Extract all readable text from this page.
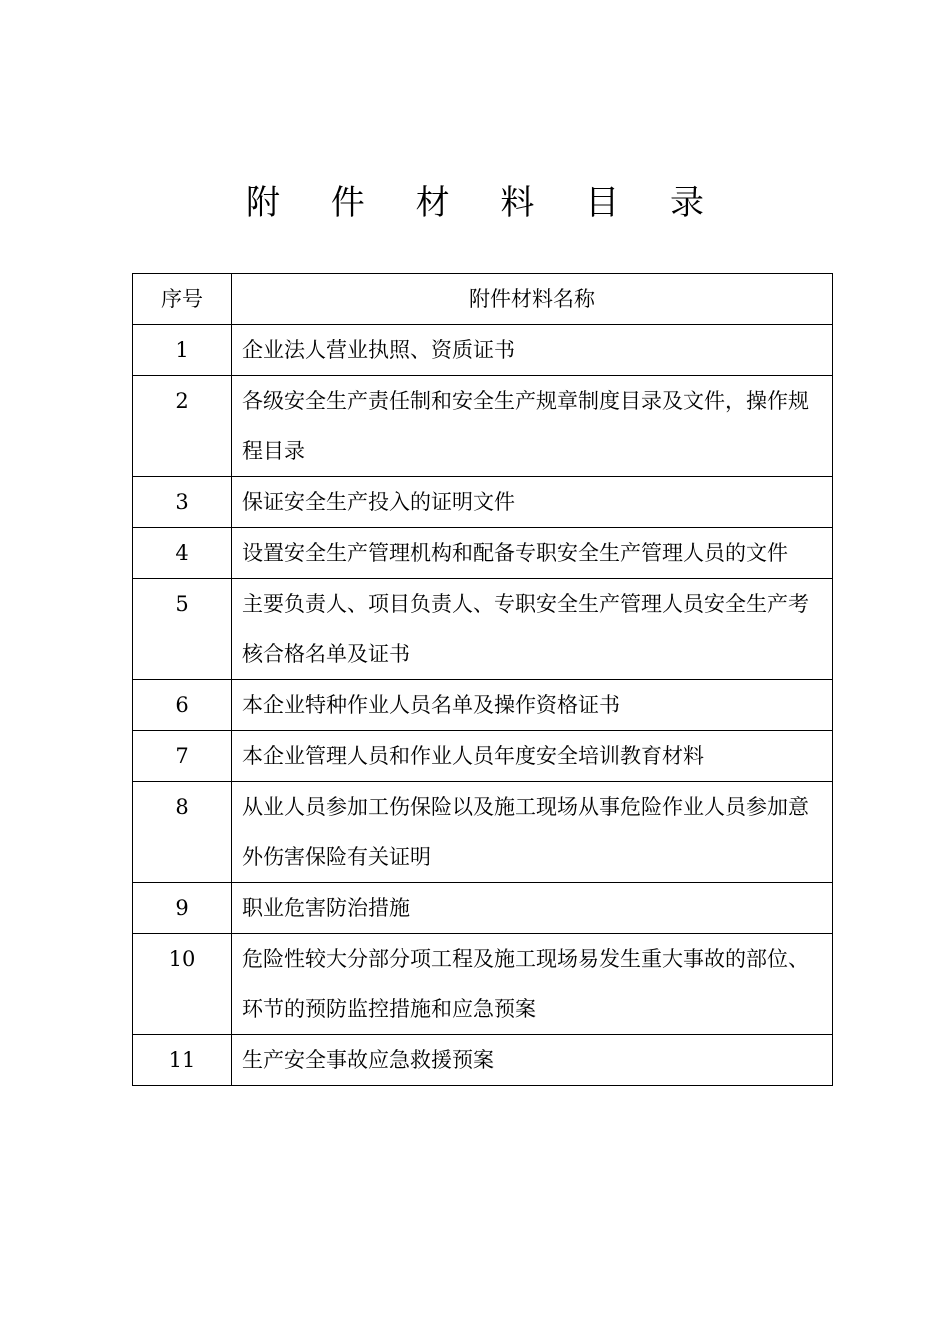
附 件 材 料 目 录
序号	附件材料名称
1	企业法人营业执照、资质证书
2	各级安全生产责任制和安全生产规章制度目录及文件，操作规程目录
3	保证安全生产投入的证明文件
4	设置安全生产管理机构和配备专职安全生产管理人员的文件
5	主要负责人、项目负责人、专职安全生产管理人员安全生产考核合格名单及证书
6	本企业特种作业人员名单及操作资格证书
7	本企业管理人员和作业人员年度安全培训教育材料
8	从业人员参加工伤保险以及施工现场从事危险作业人员参加意外伤害保险有关证明
9	职业危害防治措施
10	危险性较大分部分项工程及施工现场易发生重大事故的部位、环节的预防监控措施和应急预案
11	生产安全事故应急救援预案
